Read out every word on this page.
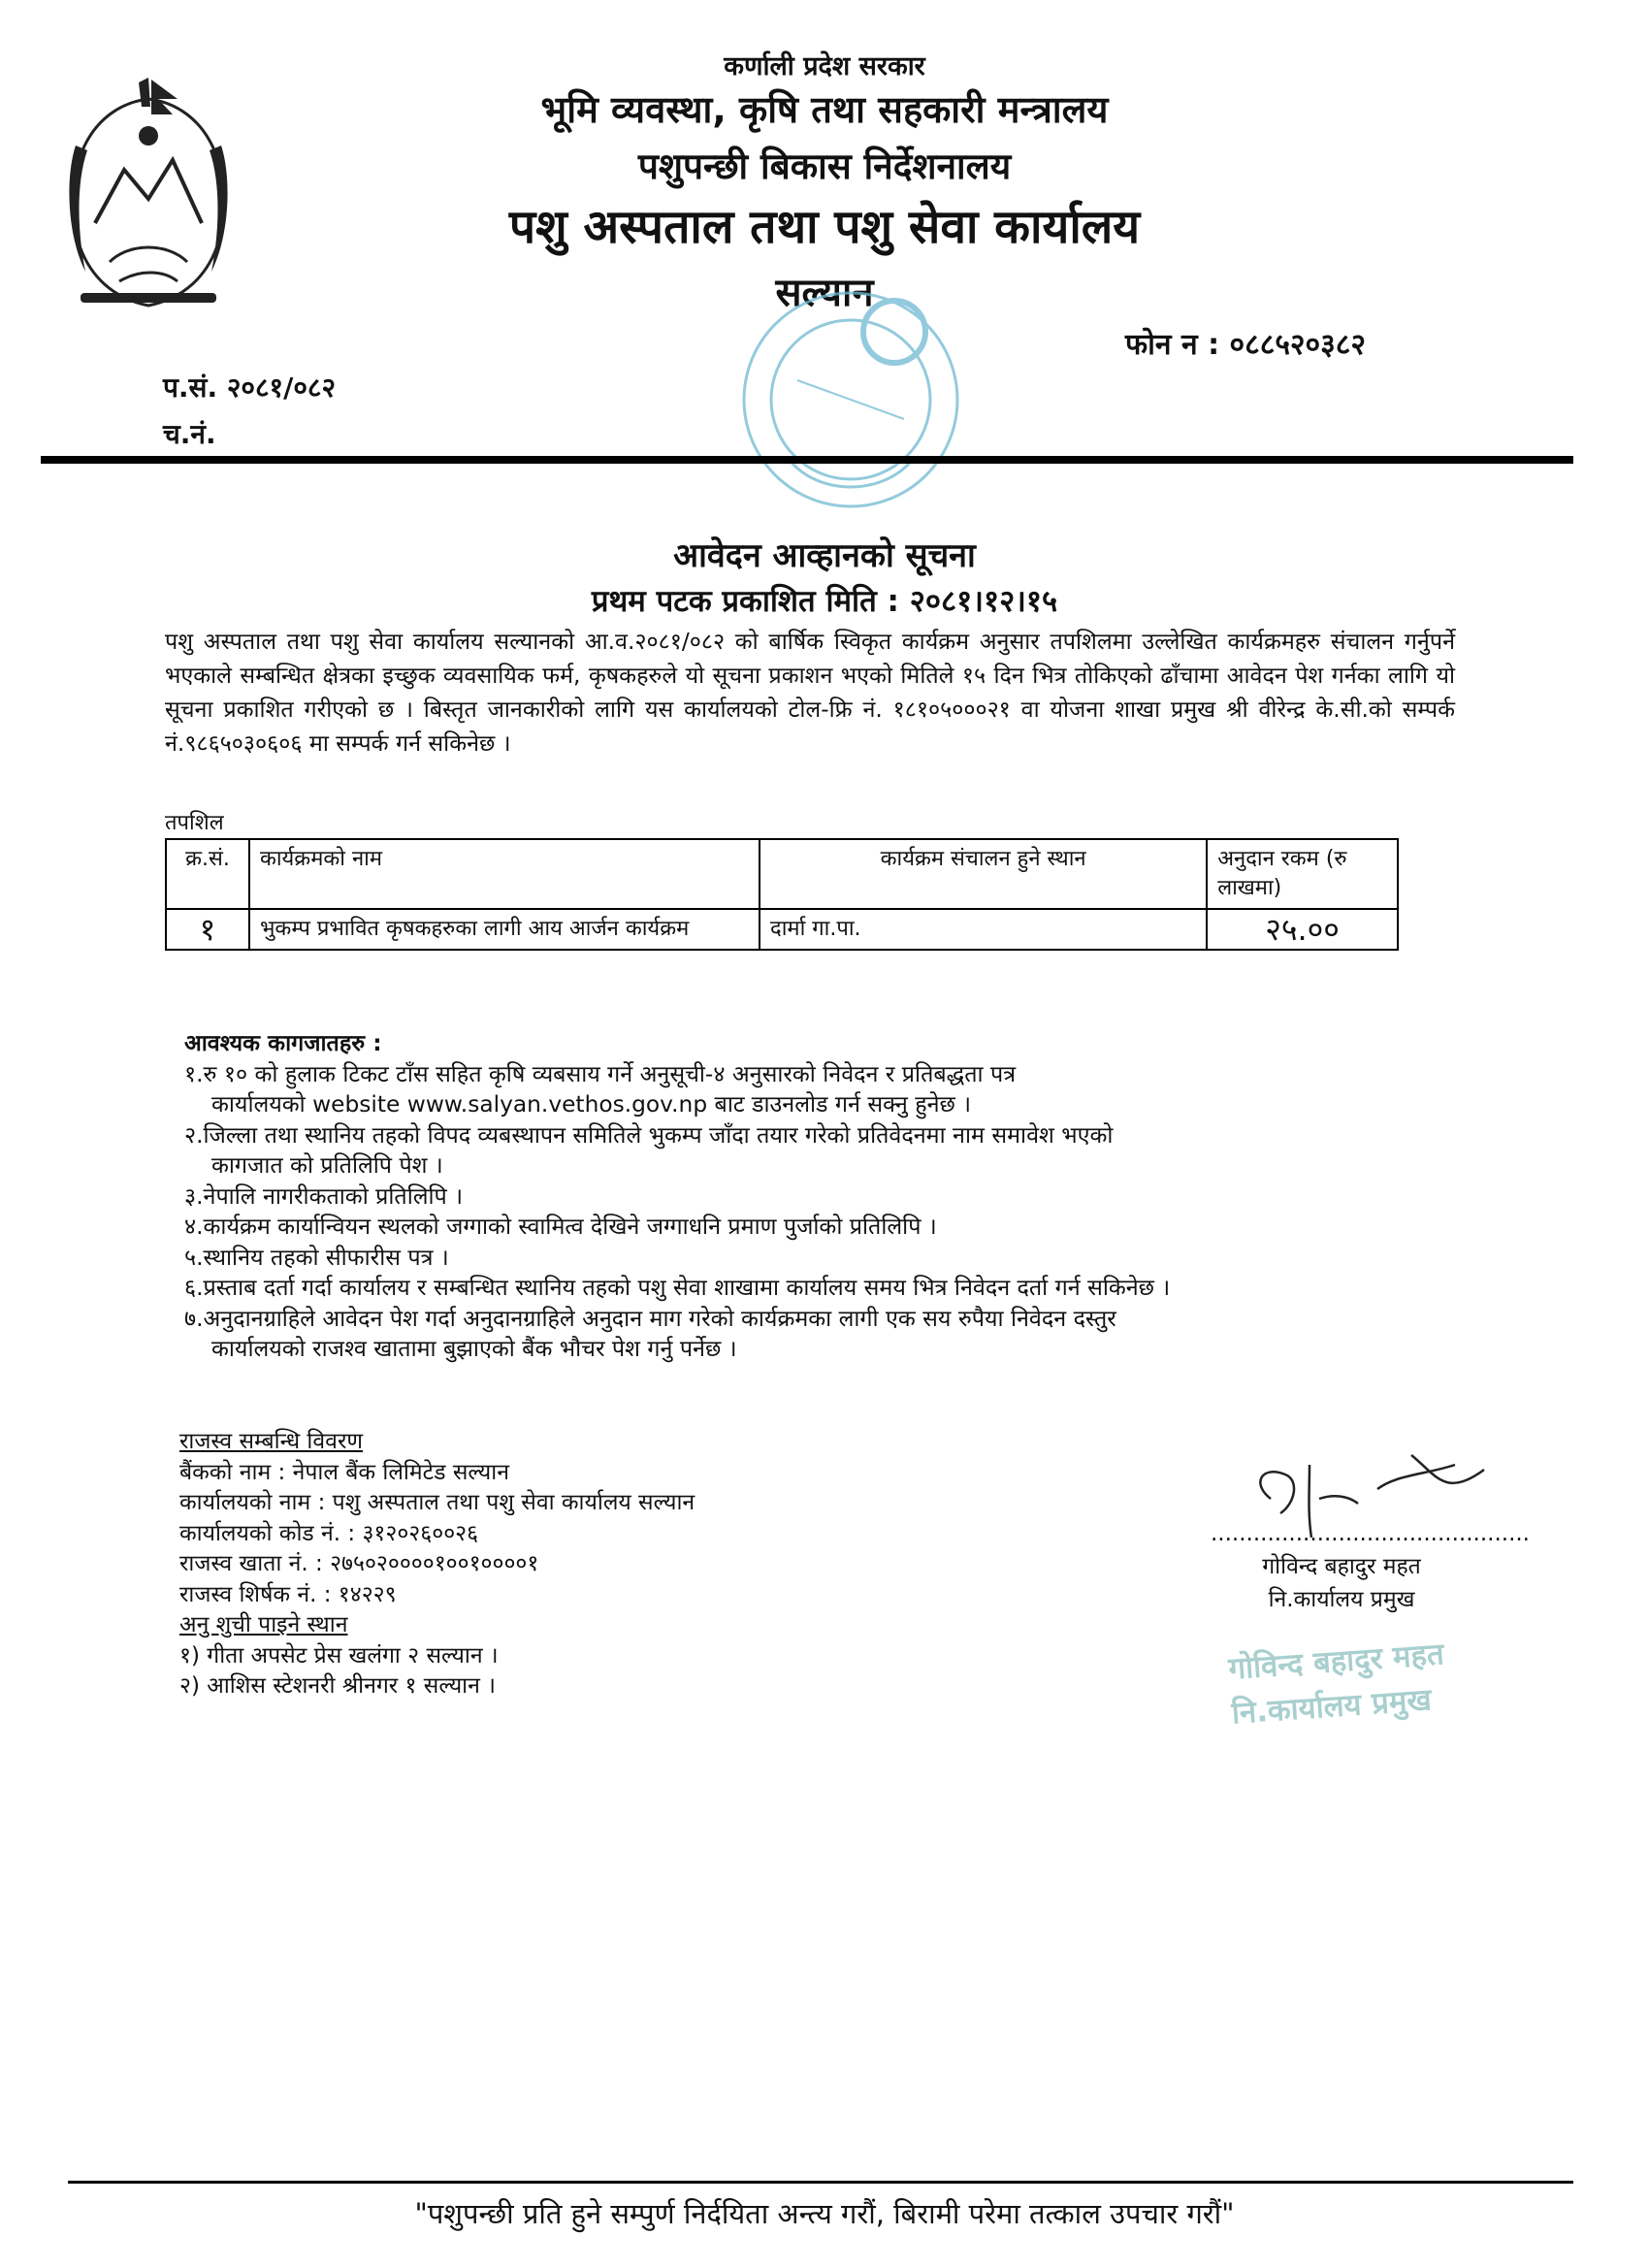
कर्णाली प्रदेश सरकार
भूमि व्यवस्था, कृषि तथा सहकारी मन्त्रालय
पशुपन्छी बिकास निर्देशनालय
पशु अस्पताल तथा पशु सेवा कार्यालय
सल्यान
फोन न : ०८८५२०३८२
प.सं. २०८१/०८२
च.नं.
आवेदन आव्हानको सूचना
प्रथम पटक प्रकाशित मिति : २०८१।१२।१५
पशु अस्पताल तथा पशु सेवा कार्यालय सल्यानको आ.व.२०८१/०८२ को बार्षिक स्विकृत कार्यक्रम अनुसार तपशिलमा उल्लेखित कार्यक्रमहरु संचालन गर्नुपर्ने भएकाले सम्बन्धित क्षेत्रका इच्छुक व्यवसायिक फर्म, कृषकहरुले यो सूचना प्रकाशन भएको मितिले १५ दिन भित्र तोकिएको ढाँचामा आवेदन पेश गर्नका लागि यो सूचना प्रकाशित गरीएको छ । बिस्तृत जानकारीको लागि यस कार्यालयको टोल-फ्रि नं. १८१०५०००२१ वा योजना शाखा प्रमुख श्री वीरेन्द्र के.सी.को सम्पर्क नं.९८६५०३०६०६ मा सम्पर्क गर्न सकिनेछ ।
तपशिल
क्र.सं.	कार्यक्रमको नाम	कार्यक्रम संचालन हुने स्थान	अनुदान रकम (रु लाखमा)
१	भुकम्प प्रभावित कृषकहरुका लागी आय आर्जन कार्यक्रम	दार्मा गा.पा.	२५.००
आवश्यक कागजातहरु :
१.रु १० को हुलाक टिकट टाँस सहित कृषि व्यबसाय गर्ने अनुसूची-४ अनुसारको निवेदन र प्रतिबद्धता पत्र
कार्यालयको website www.salyan.vethos.gov.np बाट डाउनलोड गर्न सक्नु हुनेछ ।
२.जिल्ला तथा स्थानिय तहको विपद व्यबस्थापन समितिले भुकम्प जाँदा तयार गरेको प्रतिवेदनमा नाम समावेश भएको
कागजात को प्रतिलिपि पेश ।
३.नेपालि नागरीकताको प्रतिलिपि ।
४.कार्यक्रम कार्यान्वियन स्थलको जग्गाको स्वामित्व देखिने जग्गाधनि प्रमाण पुर्जाको प्रतिलिपि ।
५.स्थानिय तहको सीफारीस पत्र ।
६.प्रस्ताब दर्ता गर्दा कार्यालय र सम्बन्धित स्थानिय तहको पशु सेवा शाखामा कार्यालय समय भित्र निवेदन दर्ता गर्न सकिनेछ ।
७.अनुदानग्राहिले आवेदन पेश गर्दा अनुदानग्राहिले अनुदान माग गरेको कार्यक्रमका लागी एक सय रुपैया निवेदन दस्तुर
कार्यालयको राजश्व खातामा बुझाएको बैंक भौचर पेश गर्नु पर्नेछ ।
राजस्व सम्बन्धि विवरण
बैंकको नाम : नेपाल बैंक लिमिटेड सल्यान
कार्यालयको नाम : पशु अस्पताल तथा पशु सेवा कार्यालय सल्यान
कार्यालयको कोड नं. : ३१२०२६००२६
राजस्व खाता नं. : २७५०२००००१००१००००१
राजस्व शिर्षक नं. : १४२२९
अनु शुची पाइने स्थान
१) गीता अपसेट प्रेस खलंगा २ सल्यान ।
२) आशिस स्टेशनरी श्रीनगर १ सल्यान ।
.............................................
गोविन्द बहादुर महत
नि.कार्यालय प्रमुख
गोविन्द बहादुर महत
नि.कार्यालय प्रमुख
"पशुपन्छी प्रति हुने सम्पुर्ण निर्दयिता अन्त्य गरौं, बिरामी परेमा तत्काल उपचार गरौं"
